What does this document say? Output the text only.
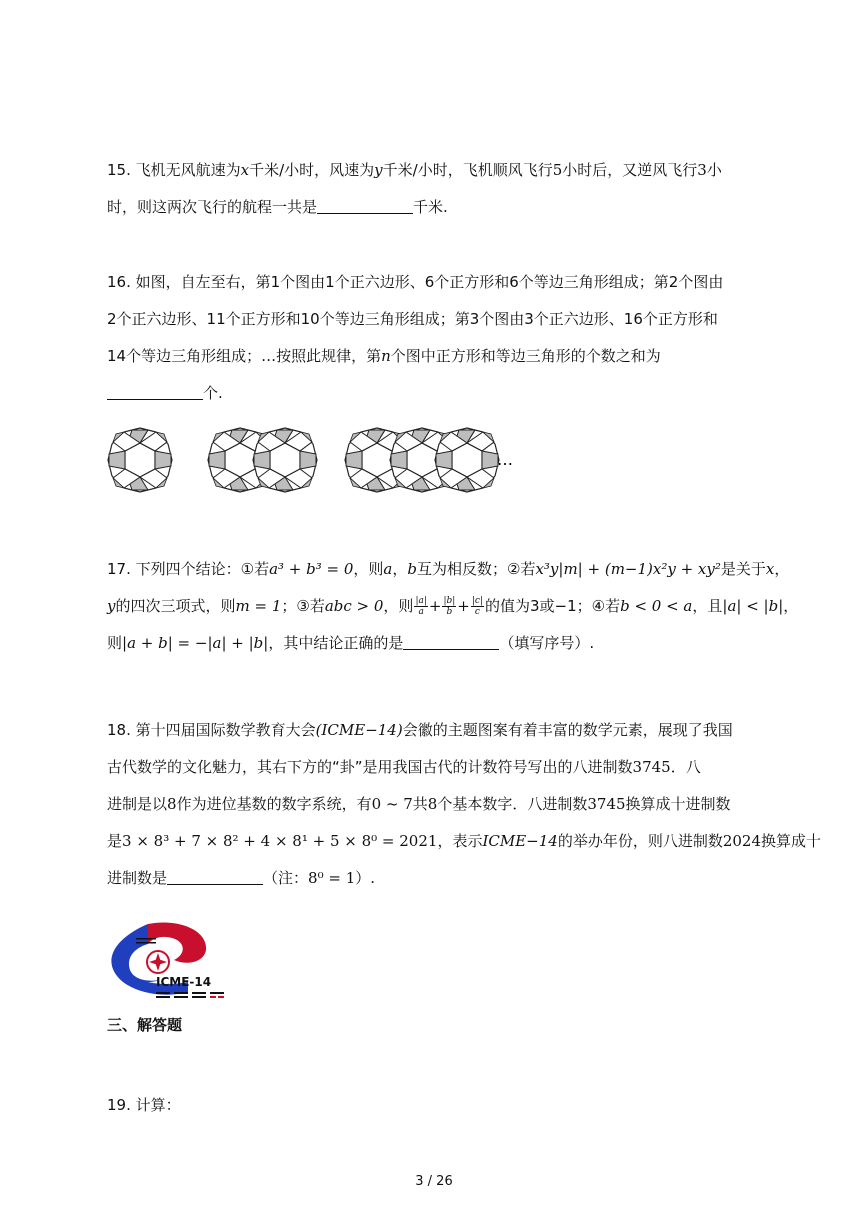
15. 飞机无风航速为x千米/小时，风速为y千米/小时，飞机顺风飞行5小时后，又逆风飞行3小

时，则这两次飞行的航程一共是	千米.

16. 如图，自左至右，第1个图由1个正六边形、6个正方形和6个等边三角形组成；第2个图由

2个正六边形、11个正方形和10个等边三角形组成；第3个图由3个正六边形、16个正方形和

14个等边三角形组成；…按照此规律，第n个图中正方形和等边三角形的个数之和为

个.

…

17. 下列四个结论：①若a³ + b³ = 0，则a，b互为相反数；②若x³y|m| + (m−1)x²y + xy²是关于x，

y的四次三项式，则m = 1；③若abc > 0，则 $\frac{|a|}{a} + \frac{|b|}{b} + \frac{|c|}{c}$ 的值为3或−1；④若b < 0 < a，且|a| < |b|，

则|a + b| = −|a| + |b|，其中结论正确的是	（填写序号）.

18. 第十四届国际数学教育大会(ICME−14)会徽的主题图案有着丰富的数学元素，展现了我国

古代数学的文化魅力，其右下方的“卦”是用我国古代的计数符号写出的八进制数3745．八

进制是以8作为进位基数的数字系统，有0 ~ 7共8个基本数字．八进制数3745换算成十进制数

是3 × 8³ + 7 × 8² + 4 × 8¹ + 5 × 8⁰ = 2021，表示ICME−14的举办年份，则八进制数2024换算成十

进制数是	（注：8⁰ = 1）.

ICME-14
三、解答题

19. 计算：

3 / 26
